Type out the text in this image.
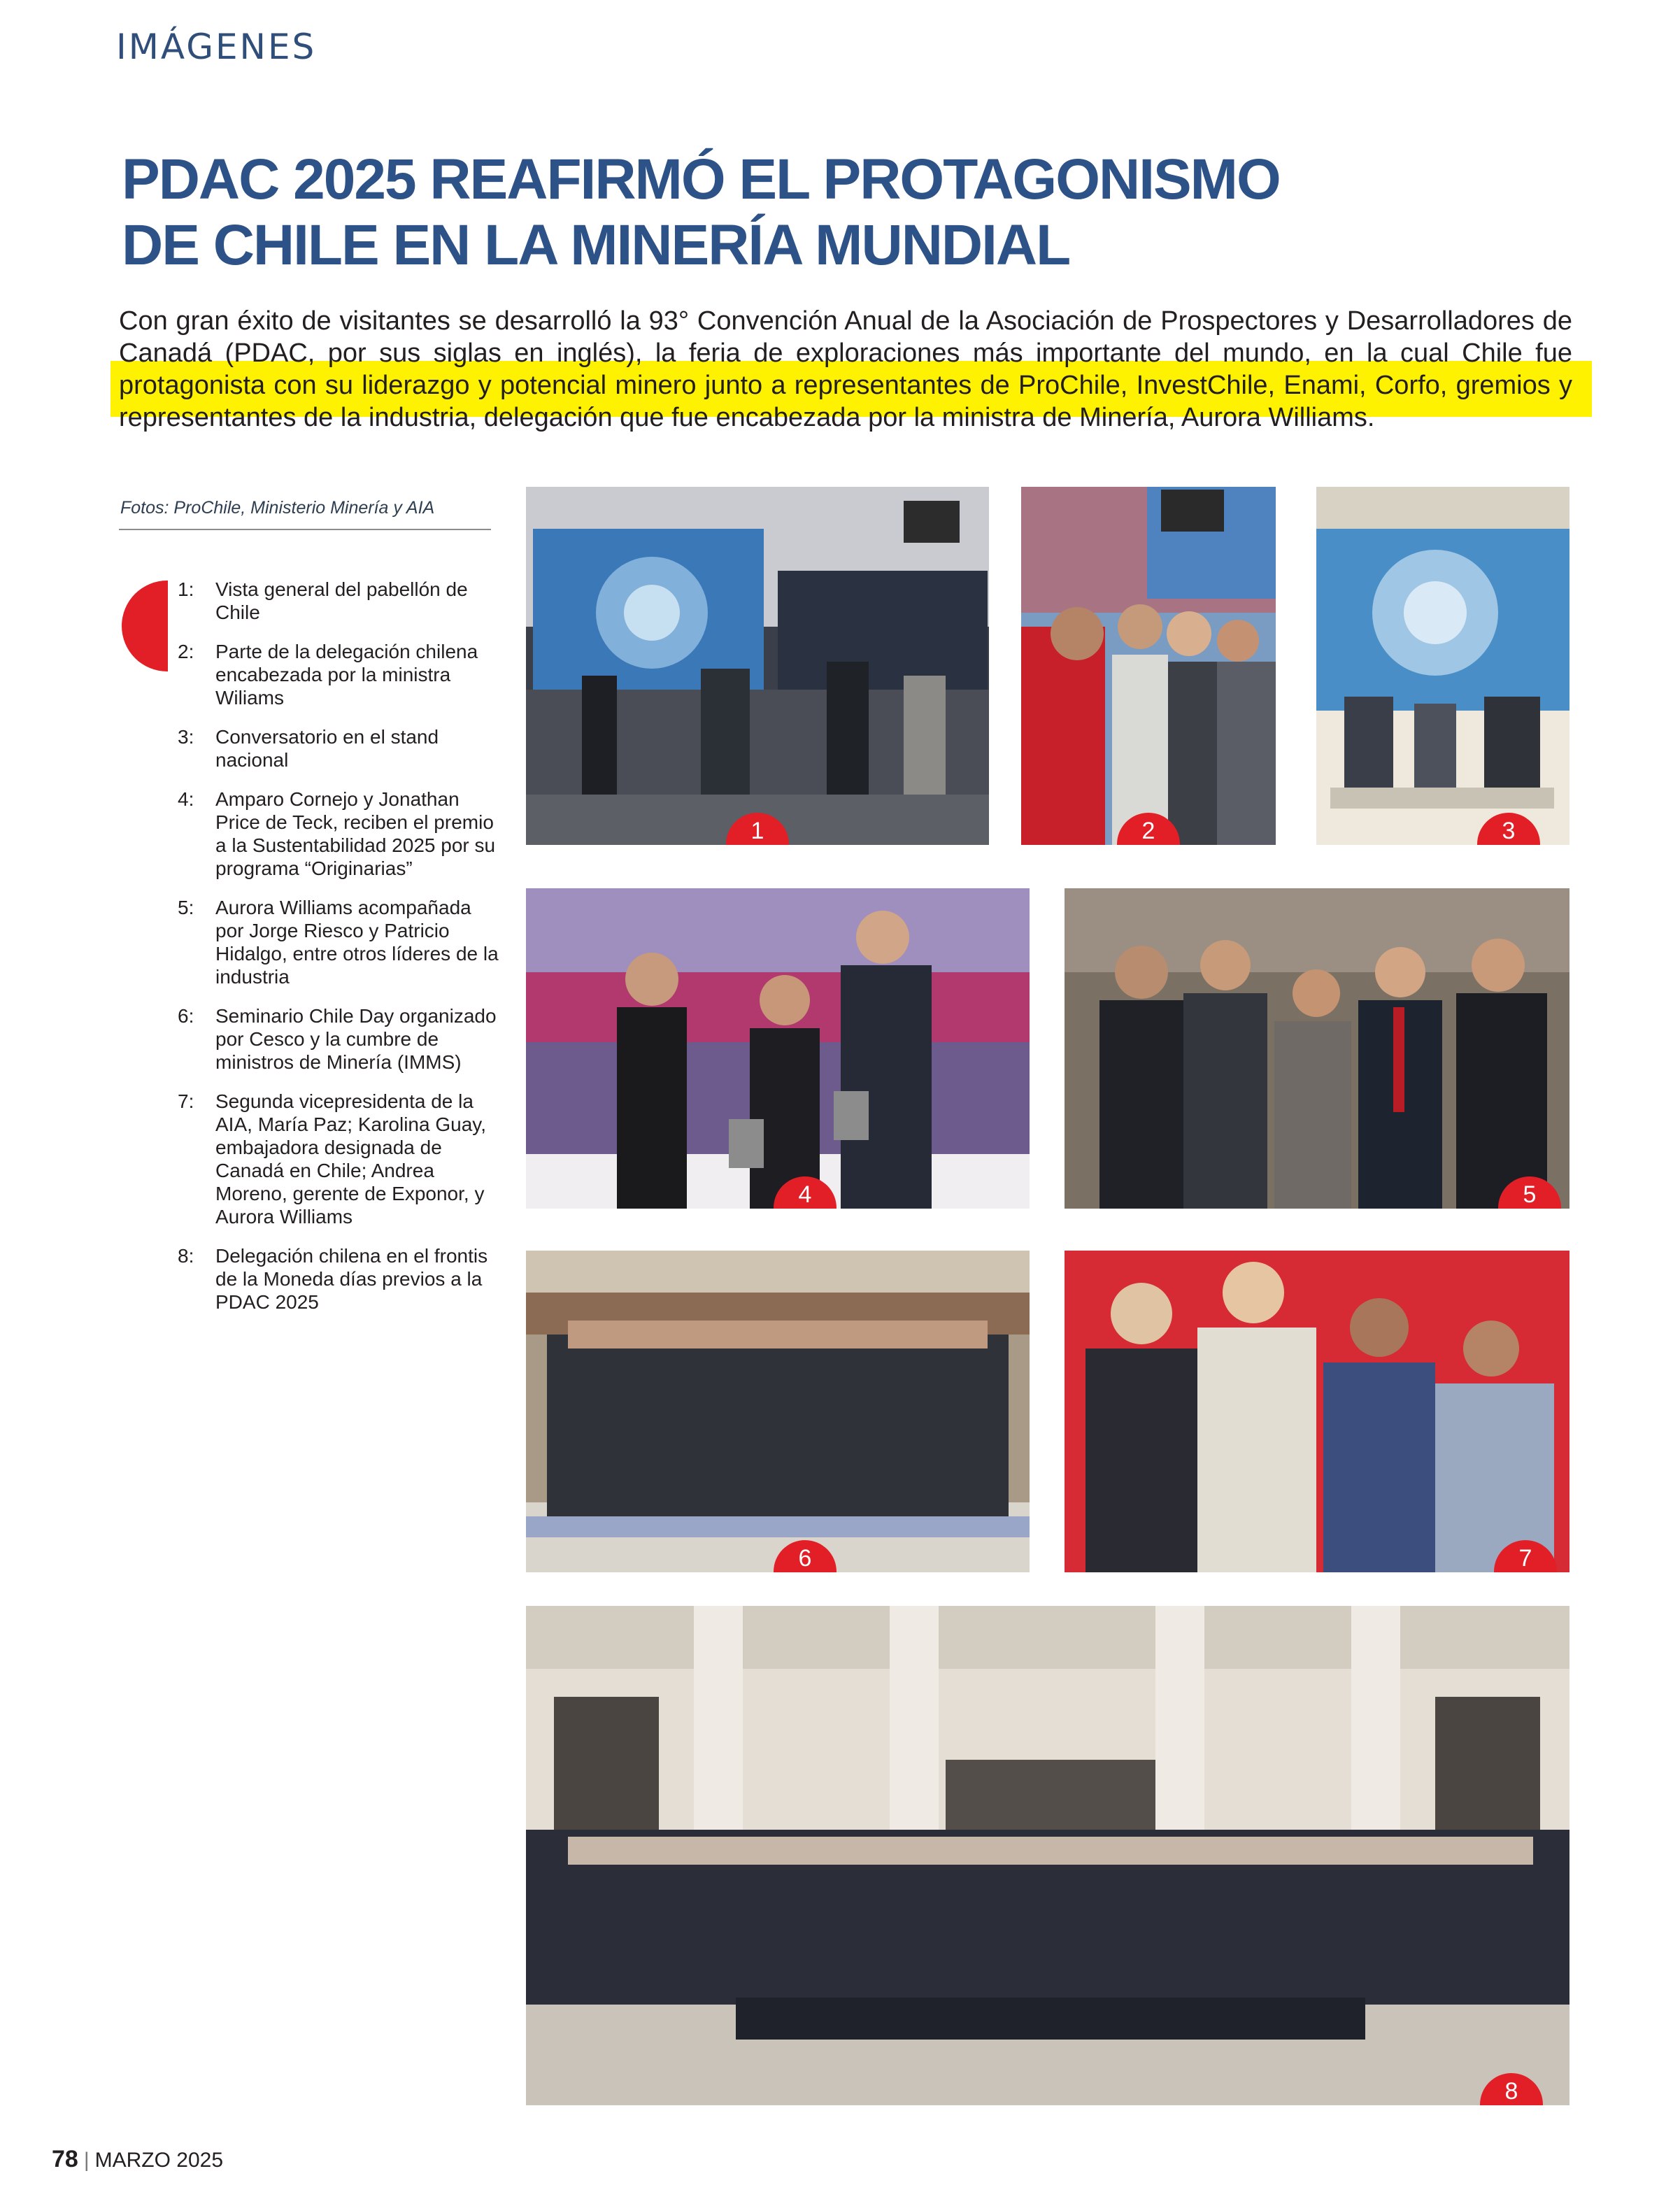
IMÁGENES
PDAC 2025 REAFIRMÓ EL PROTAGONISMO
DE CHILE EN LA MINERÍA MUNDIAL

Con gran éxito de visitantes se desarrolló la 93° Convención Anual de la Asociación de Prospectores y Desarrolladores de Canadá (PDAC, por sus siglas en inglés), la feria de exploraciones más importante del mundo, en la cual Chile fue protagonista con su liderazgo y potencial minero junto a representantes de ProChile, InvestChile, Enami, Corfo, gremios y representantes de la industria, delegación que fue encabezada por la ministra de Minería, Aurora Williams.

Fotos: ProChile, Ministerio Minería y AIA
1:	Vista general del pabellón de Chile
2:	Parte de la delegación chilena encabezada por la ministra Wiliams
3:	Conversatorio en el stand nacional
4:	Amparo Cornejo y Jonathan Price de Teck, reciben el premio a la Sustentabilidad 2025 por su programa “Originarias”
5:	Aurora Williams acompañada por Jorge Riesco y Patricio Hidalgo, entre otros líderes de la industria
6:	Seminario Chile Day organizado por Cesco y la cumbre de ministros de Minería (IMMS)
7:	Segunda vicepresidenta de la AIA, María Paz; Karolina Guay, embajadora designada de Canadá en Chile; Andrea Moreno, gerente de Exponor, y Aurora Williams
8:	Delegación chilena en el frontis de la Moneda días previos a la PDAC 2025
1	2	3
4	5
6	7
8
78 | MARZO 2025
